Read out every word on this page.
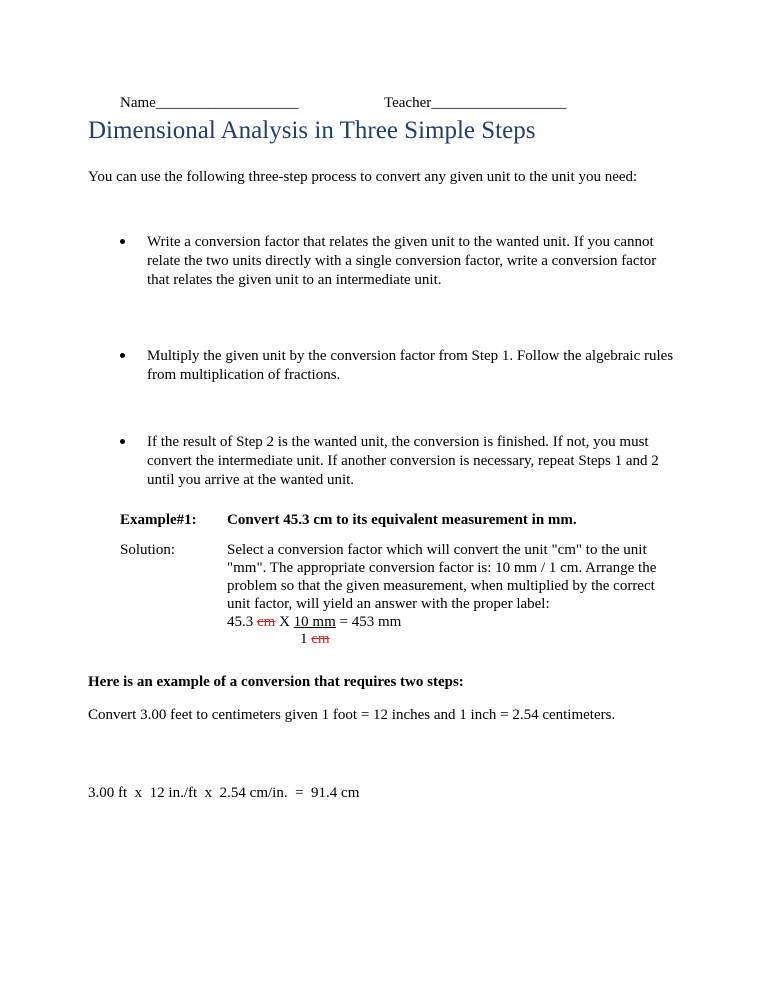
Name___________________	Teacher__________________
Dimensional Analysis in Three Simple Steps
You can use the following three-step process to convert any given unit to the unit you need:
Write a conversion factor that relates the given unit to the wanted unit. If you cannot relate the two units directly with a single conversion factor, write a conversion factor that relates the given unit to an intermediate unit.
Multiply the given unit by the conversion factor from Step 1. Follow the algebraic rules from multiplication of fractions.
If the result of Step 2 is the wanted unit, the conversion is finished. If not, you must convert the intermediate unit. If another conversion is necessary, repeat Steps 1 and 2 until you arrive at the wanted unit.
Example#1: Convert 45.3 cm to its equivalent measurement in mm.
Solution:	Select a conversion factor which will convert the unit "cm" to the unit "mm". The appropriate conversion factor is: 10 mm / 1 cm. Arrange the problem so that the given measurement, when multiplied by the correct unit factor, will yield an answer with the proper label:
45.3 cm X 10 mm = 453 mm
1 cm
Here is an example of a conversion that requires two steps:
Convert 3.00 feet to centimeters given 1 foot = 12 inches and 1 inch = 2.54 centimeters.
3.00 ft  x  12 in./ft  x  2.54 cm/in.  =  91.4 cm
